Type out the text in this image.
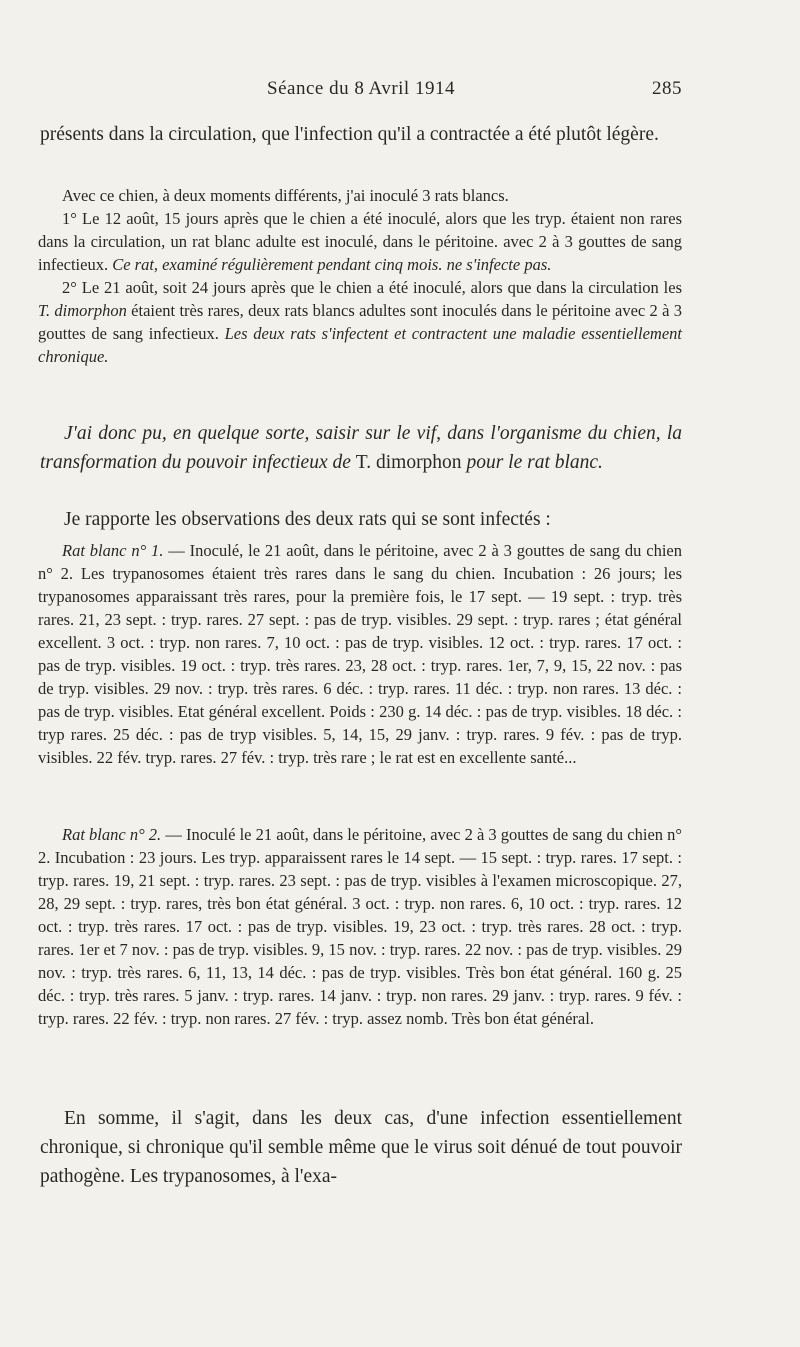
Séance du 8 Avril 1914	285

présents dans la circulation, que l'infection qu'il a contractée a été plutôt légère.

Avec ce chien, à deux moments différents, j'ai inoculé 3 rats blancs.

1° Le 12 août, 15 jours après que le chien a été inoculé, alors que les tryp. étaient non rares dans la circulation, un rat blanc adulte est inoculé, dans le péritoine. avec 2 à 3 gouttes de sang infectieux. Ce rat, examiné régulièrement pendant cinq mois. ne s'infecte pas.

2° Le 21 août, soit 24 jours après que le chien a été inoculé, alors que dans la circulation les T. dimorphon étaient très rares, deux rats blancs adultes sont inoculés dans le péritoine avec 2 à 3 gouttes de sang infectieux. Les deux rats s'infectent et contractent une maladie essentiellement chronique.

J'ai donc pu, en quelque sorte, saisir sur le vif, dans l'organisme du chien, la transformation du pouvoir infectieux de T. dimorphon pour le rat blanc.

Je rapporte les observations des deux rats qui se sont infectés :

Rat blanc n° 1. — Inoculé, le 21 août, dans le péritoine, avec 2 à 3 gouttes de sang du chien n° 2. Les trypanosomes étaient très rares dans le sang du chien. Incubation : 26 jours; les trypanosomes apparaissant très rares, pour la première fois, le 17 sept. — 19 sept. : tryp. très rares. 21, 23 sept. : tryp. rares. 27 sept. : pas de tryp. visibles. 29 sept. : tryp. rares ; état général excellent. 3 oct. : tryp. non rares. 7, 10 oct. : pas de tryp. visibles. 12 oct. : tryp. rares. 17 oct. : pas de tryp. visibles. 19 oct. : tryp. très rares. 23, 28 oct. : tryp. rares. 1er, 7, 9, 15, 22 nov. : pas de tryp. visibles. 29 nov. : tryp. très rares. 6 déc. : tryp. rares. 11 déc. : tryp. non rares. 13 déc. : pas de tryp. visibles. Etat général excellent. Poids : 230 g. 14 déc. : pas de tryp. visibles. 18 déc. : tryp rares. 25 déc. : pas de tryp visibles. 5, 14, 15, 29 janv. : tryp. rares. 9 fév. : pas de tryp. visibles. 22 fév. tryp. rares. 27 fév. : tryp. très rare ; le rat est en excellente santé...

Rat blanc n° 2. — Inoculé le 21 août, dans le péritoine, avec 2 à 3 gouttes de sang du chien n° 2. Incubation : 23 jours. Les tryp. apparaissent rares le 14 sept. — 15 sept. : tryp. rares. 17 sept. : tryp. rares. 19, 21 sept. : tryp. rares. 23 sept. : pas de tryp. visibles à l'examen microscopique. 27, 28, 29 sept. : tryp. rares, très bon état général. 3 oct. : tryp. non rares. 6, 10 oct. : tryp. rares. 12 oct. : tryp. très rares. 17 oct. : pas de tryp. visibles. 19, 23 oct. : tryp. très rares. 28 oct. : tryp. rares. 1er et 7 nov. : pas de tryp. visibles. 9, 15 nov. : tryp. rares. 22 nov. : pas de tryp. visibles. 29 nov. : tryp. très rares. 6, 11, 13, 14 déc. : pas de tryp. visibles. Très bon état général. 160 g. 25 déc. : tryp. très rares. 5 janv. : tryp. rares. 14 janv. : tryp. non rares. 29 janv. : tryp. rares. 9 fév. : tryp. rares. 22 fév. : tryp. non rares. 27 fév. : tryp. assez nomb. Très bon état général.

En somme, il s'agit, dans les deux cas, d'une infection essentiellement chronique, si chronique qu'il semble même que le virus soit dénué de tout pouvoir pathogène. Les trypanosomes, à l'exa-
